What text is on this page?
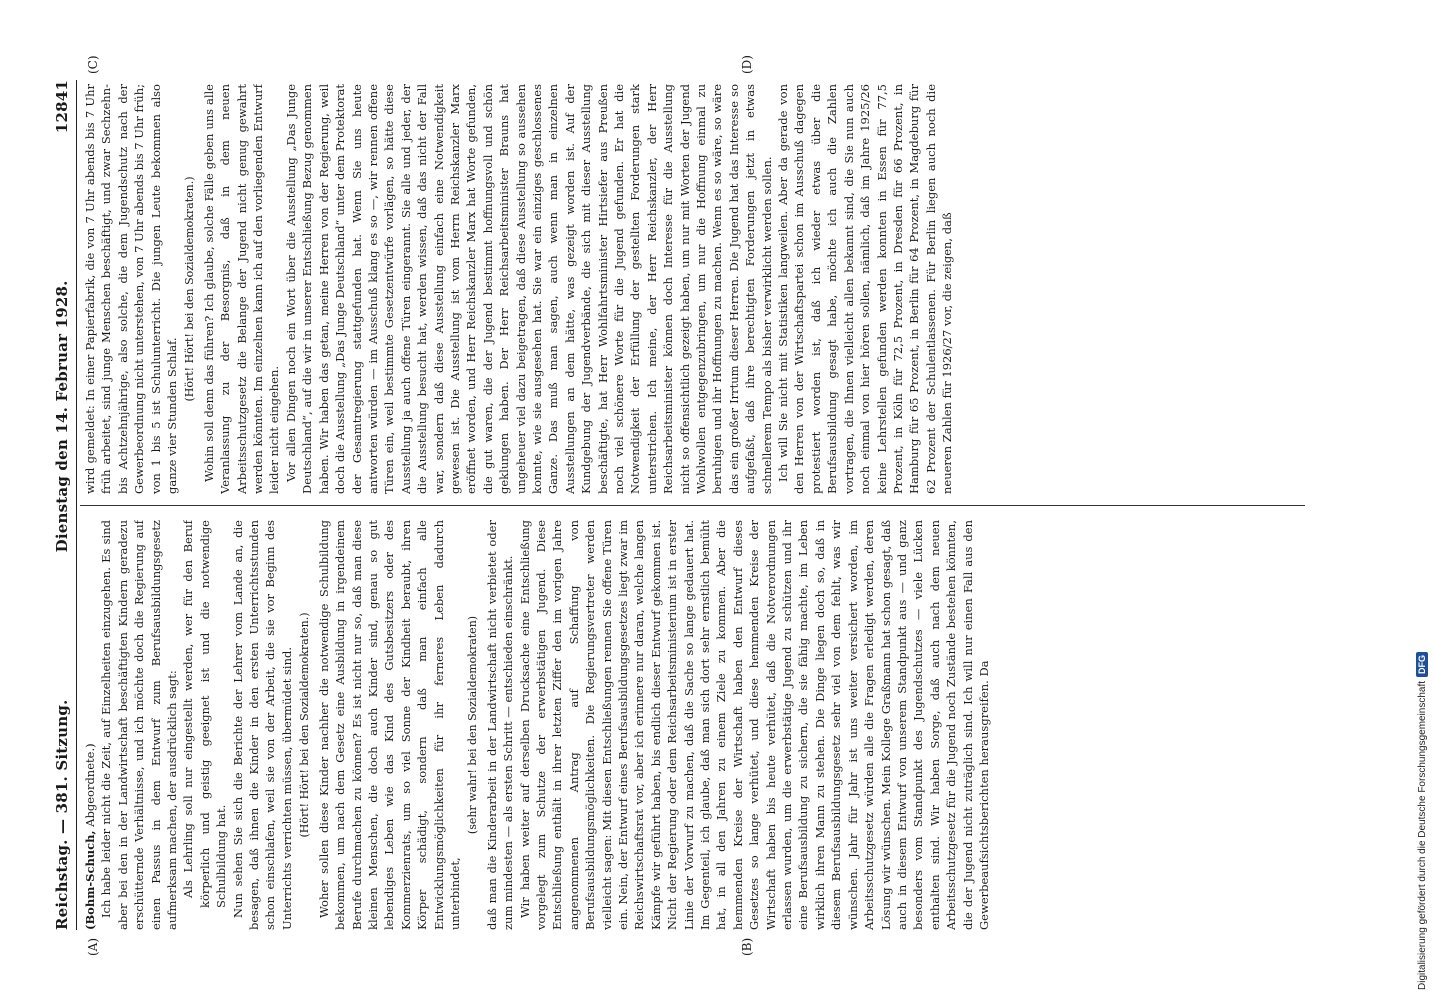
Reichstag. — 381. Sitzung.
Dienstag den 14. Februar 1928.
12841
(A)	(B)
(C)	(D)

(Bohm-Schuch, Abgeordnete.) Ich habe leider nicht die Zeit, auf Einzelheiten einzugehen. Es sind aber bei den in der Landwirtschaft beschäftigten Kindern geradezu erschütternde Verhältnisse, und ich möchte doch die Regierung auf einen Passus in dem Entwurf zum Berufsausbildungsgesetz aufmerksam machen, der ausdrücklich sagt: Als Lehrling soll nur eingestellt werden, wer für den Beruf körperlich und geistig geeignet ist und die notwendige Schulbildung hat. Nun sehen Sie sich die Berichte der Lehrer vom Lande an, die besagen, daß ihnen die Kinder in den ersten Unterrichtsstunden schon einschlafen, weil sie von der Arbeit, die sie vor Beginn des Unterrichts verrichten müssen, übermüdet sind. (Hört! Hört! bei den Sozialdemokraten.) Woher sollen diese Kinder nachher die notwendige Schulbildung bekommen, um nach dem Gesetz eine Ausbildung in irgendeinem Berufe durchmachen zu können? Es ist nicht nur so, daß man diese kleinen Menschen, die doch auch Kinder sind, genau so gut lebendiges Leben wie das Kind des Gutsbesitzers oder des Kommerzienrats, um so viel Sonne der Kindheit beraubt, ihren Körper schädigt, sondern daß man einfach alle Entwicklungsmöglichkeiten für ihr ferneres Leben dadurch unterbindet,

(sehr wahr! bei den Sozialdemokraten) daß man die Kinderarbeit in der Landwirtschaft nicht verbietet oder zum mindesten — als ersten Schritt — entschieden einschränkt. Wir haben weiter auf derselben Drucksache eine Entschließung vorgelegt zum Schutze der erwerbstätigen Jugend. Diese Entschließung enthält in ihrer letzten Ziffer den im vorigen Jahre angenommenen Antrag auf Schaffung von Berufsausbildungsmöglichkeiten. Die Regierungsvertreter werden vielleicht sagen: Mit diesen Entschließungen rennen Sie offene Türen ein. Nein, der Entwurf eines Berufsausbildungsgesetzes liegt zwar im Reichswirtschaftsrat vor, aber ich erinnere nur daran, welche langen Kämpfe wir geführt haben, bis endlich dieser Entwurf gekommen ist. Nicht der Regierung oder dem Reichsarbeitsministerium ist in erster Linie der Vorwurf zu machen, daß die Sache so lange gedauert hat. Im Gegenteil, ich glaube, daß man sich dort sehr ernstlich bemüht hat, in all den Jahren zu einem Ziele zu kommen. Aber die hemmenden Kreise der Wirtschaft haben den Entwurf dieses Gesetzes so lange verhütet, und diese hemmenden Kreise der Wirtschaft haben bis heute verhütet, daß die Notverordnungen erlassen wurden, um die erwerbstätige Jugend zu schützen und ihr eine Berufsausbildung zu sichern, die sie fähig machte, im Leben wirklich ihren Mann zu stehen. Die Dinge liegen doch so, daß in diesem Berufsausbildungsgesetz sehr viel von dem fehlt, was wir wünschen. Jahr für Jahr ist uns weiter versichert worden, im Arbeitsschutzgesetz würden alle die Fragen erledigt werden, deren Lösung wir wünschen. Mein Kollege Graßmann hat schon gesagt, daß auch in diesem Entwurf von unserem Standpunkt aus — und ganz besonders vom Standpunkt des Jugendschutzes — viele Lücken enthalten sind. Wir haben Sorge, daß auch nach dem neuen Arbeitsschutzgesetz für die Jugend noch Zustände bestehen könnten, die der Jugend nicht zuträglich sind. Ich will nur einen Fall aus den Gewerbeaufsichtsberichten herausgreifen. Da

wird gemeldet: In einer Papierfabrik, die von 7 Uhr abends bis 7 Uhr früh arbeitet, sind junge Menschen beschäftigt, und zwar Sechzehn- bis Achtzehnjährige, also solche, die dem Jugendschutz nach der Gewerbeordnung nicht unterstehen, von 7 Uhr abends bis 7 Uhr früh; von 1 bis 5 ist Schulunterricht. Die jungen Leute bekommen also ganze vier Stunden Schlaf.

(Hört! Hört! bei den Sozialdemokraten.) Wohin soll denn das führen? Ich glaube, solche Fälle geben uns alle Veranlassung zu der Besorgnis, daß in dem neuen Arbeitsschutzgesetz die Belange der Jugend nicht genug gewahrt werden könnten. Im einzelnen kann ich auf den vorliegenden Entwurf leider nicht eingehen. Vor allen Dingen noch ein Wort über die Ausstellung „Das Junge Deutschland“, auf die wir in unserer Entschließung Bezug genommen haben. Wir haben das getan, meine Herren von der Regierung, weil doch die Ausstellung „Das Junge Deutschland“ unter dem Protektorat der Gesamtregierung stattgefunden hat. Wenn Sie uns heute antworten würden — im Ausschuß klang es so —, wir rennen offene Türen ein, weil bestimmte Gesetzentwürfe vorlägen, so hätte diese Ausstellung ja auch offene Türen eingerannt. Sie alle und jeder, der die Ausstellung besucht hat, werden wissen, daß das nicht der Fall war, sondern daß diese Ausstellung einfach eine Notwendigkeit gewesen ist. Die Ausstellung ist vom Herrn Reichskanzler Marx eröffnet worden, und Herr Reichskanzler Marx hat Worte gefunden, die gut waren, die der Jugend bestimmt hoffnungsvoll und schön geklungen haben. Der Herr Reichsarbeitsminister Brauns hat ungeheuer viel dazu beigetragen, daß diese Ausstellung so aussehen konnte, wie sie ausgesehen hat. Sie war ein einziges geschlossenes Ganze. Das muß man sagen, auch wenn man in einzelnen Ausstellungen an dem hätte, was gezeigt worden ist. Auf der Kundgebung der Jugendverbände, die sich mit dieser Ausstellung beschäftigte, hat Herr Wohlfahrtsminister Hirtsiefer aus Preußen noch viel schönere Worte für die Jugend gefunden. Er hat die Notwendigkeit der Erfüllung der gestellten Forderungen stark unterstrichen. Ich meine, der Herr Reichskanzler, der Herr Reichsarbeitsminister können doch Interesse für die Ausstellung nicht so offensichtlich gezeigt haben, um nur mit Worten der Jugend Wohlwollen entgegenzubringen, um nur die Hoffnung einmal zu beruhigen und ihr Hoffnungen zu machen. Wenn es so wäre, so wäre das ein großer Irrtum dieser Herren. Die Jugend hat das Interesse so aufgefaßt, daß ihre berechtigten Forderungen jetzt in etwas schnellerem Tempo als bisher verwirklicht werden sollen. Ich will Sie nicht mit Statistiken langweilen. Aber da gerade von den Herren von der Wirtschaftspartei schon im Ausschuß dagegen protestiert worden ist, daß ich wieder etwas über die Berufsausbildung gesagt habe, möchte ich auch die Zahlen vortragen, die Ihnen vielleicht allen bekannt sind, die Sie nun auch noch einmal von hier hören sollen, nämlich, daß im Jahre 1925/26 keine Lehrstellen gefunden werden konnten in Essen für 77,5 Prozent, in Köln für 72,5 Prozent, in Dresden für 66 Prozent, in Hamburg für 65 Prozent, in Berlin für 64 Prozent, in Magdeburg für 62 Prozent der Schulentlassenen. Für Berlin liegen auch noch die neueren Zahlen für 1926/27 vor, die zeigen, daß

Digitalisierung gefördert durch die Deutsche Forschungsgemeinschaft
DFG
